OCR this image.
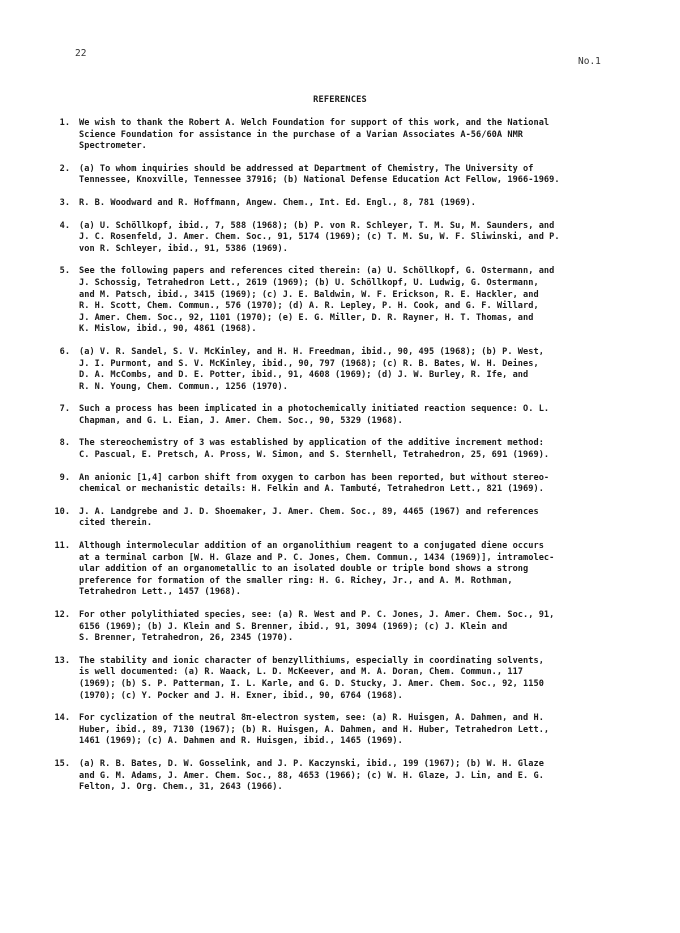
22
No.1
REFERENCES
1.	We wish to thank the Robert A. Welch Foundation for support of this work, and the National
Science Foundation for assistance in the purchase of a Varian Associates A-56/60A NMR
Spectrometer.
2.	(a) To whom inquiries should be addressed at Department of Chemistry, The University of
Tennessee, Knoxville, Tennessee 37916; (b) National Defense Education Act Fellow, 1966-1969.
3.	R. B. Woodward and R. Hoffmann, Angew. Chem., Int. Ed. Engl., 8, 781 (1969).
4.	(a) U. Schöllkopf, ibid., 7, 588 (1968); (b) P. von R. Schleyer, T. M. Su, M. Saunders, and
J. C. Rosenfeld, J. Amer. Chem. Soc., 91, 5174 (1969); (c) T. M. Su, W. F. Sliwinski, and P.
von R. Schleyer, ibid., 91, 5386 (1969).
5.	See the following papers and references cited therein: (a) U. Schöllkopf, G. Ostermann, and
J. Schossig, Tetrahedron Lett., 2619 (1969); (b) U. Schöllkopf, U. Ludwig, G. Ostermann,
and M. Patsch, ibid., 3415 (1969); (c) J. E. Baldwin, W. F. Erickson, R. E. Hackler, and
R. H. Scott, Chem. Commun., 576 (1970); (d) A. R. Lepley, P. H. Cook, and G. F. Willard,
J. Amer. Chem. Soc., 92, 1101 (1970); (e) E. G. Miller, D. R. Rayner, H. T. Thomas, and
K. Mislow, ibid., 90, 4861 (1968).
6.	(a) V. R. Sandel, S. V. McKinley, and H. H. Freedman, ibid., 90, 495 (1968); (b) P. West,
J. I. Purmont, and S. V. McKinley, ibid., 90, 797 (1968); (c) R. B. Bates, W. H. Deines,
D. A. McCombs, and D. E. Potter, ibid., 91, 4608 (1969); (d) J. W. Burley, R. Ife, and
R. N. Young, Chem. Commun., 1256 (1970).
7.	Such a process has been implicated in a photochemically initiated reaction sequence: O. L.
Chapman, and G. L. Eian, J. Amer. Chem. Soc., 90, 5329 (1968).
8.	The stereochemistry of 3 was established by application of the additive increment method:
C. Pascual, E. Pretsch, A. Pross, W. Simon, and S. Sternhell, Tetrahedron, 25, 691 (1969).
9.	An anionic [1,4] carbon shift from oxygen to carbon has been reported, but without stereo-
chemical or mechanistic details: H. Felkin and A. Tambuté, Tetrahedron Lett., 821 (1969).
10.	J. A. Landgrebe and J. D. Shoemaker, J. Amer. Chem. Soc., 89, 4465 (1967) and references
cited therein.
11.	Although intermolecular addition of an organolithium reagent to a conjugated diene occurs
at a terminal carbon [W. H. Glaze and P. C. Jones, Chem. Commun., 1434 (1969)], intramolec-
ular addition of an organometallic to an isolated double or triple bond shows a strong
preference for formation of the smaller ring: H. G. Richey, Jr., and A. M. Rothman,
Tetrahedron Lett., 1457 (1968).
12.	For other polylithiated species, see: (a) R. West and P. C. Jones, J. Amer. Chem. Soc., 91,
6156 (1969); (b) J. Klein and S. Brenner, ibid., 91, 3094 (1969); (c) J. Klein and
S. Brenner, Tetrahedron, 26, 2345 (1970).
13.	The stability and ionic character of benzyllithiums, especially in coordinating solvents,
is well documented: (a) R. Waack, L. D. McKeever, and M. A. Doran, Chem. Commun., 117
(1969); (b) S. P. Patterman, I. L. Karle, and G. D. Stucky, J. Amer. Chem. Soc., 92, 1150
(1970); (c) Y. Pocker and J. H. Exner, ibid., 90, 6764 (1968).
14.	For cyclization of the neutral 8π-electron system, see: (a) R. Huisgen, A. Dahmen, and H.
Huber, ibid., 89, 7130 (1967); (b) R. Huisgen, A. Dahmen, and H. Huber, Tetrahedron Lett.,
1461 (1969); (c) A. Dahmen and R. Huisgen, ibid., 1465 (1969).
15.	(a) R. B. Bates, D. W. Gosselink, and J. P. Kaczynski, ibid., 199 (1967); (b) W. H. Glaze
and G. M. Adams, J. Amer. Chem. Soc., 88, 4653 (1966); (c) W. H. Glaze, J. Lin, and E. G.
Felton, J. Org. Chem., 31, 2643 (1966).
